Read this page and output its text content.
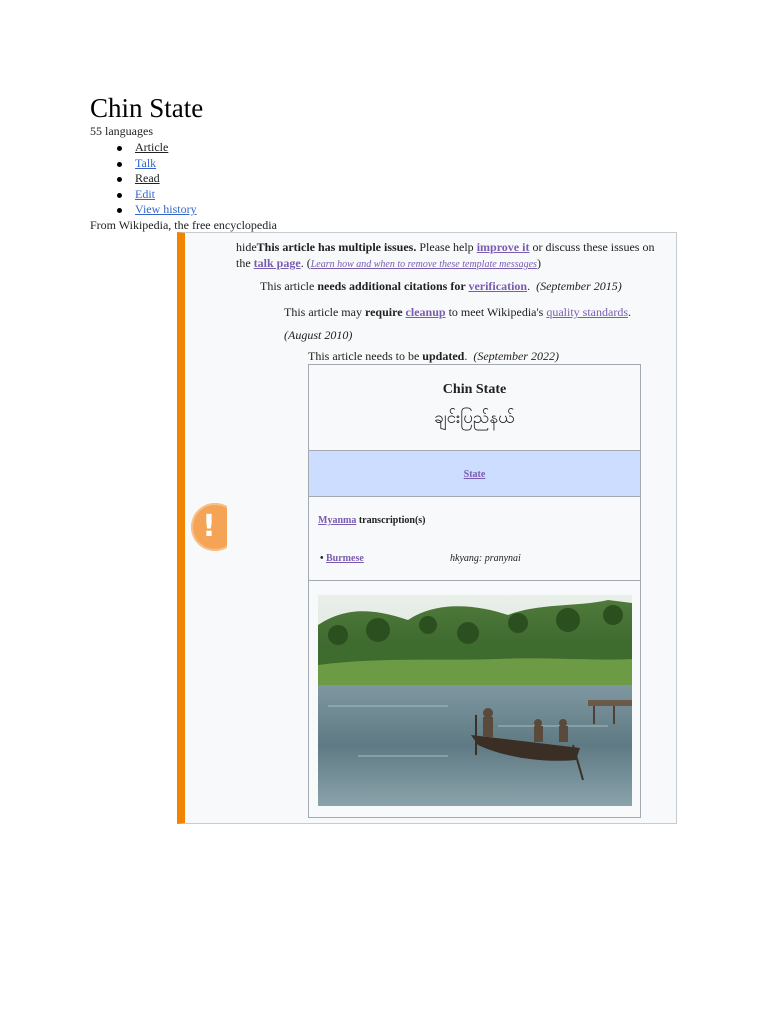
Chin State
55 languages
Article
Talk
Read
Edit
View history
From Wikipedia, the free encyclopedia
!
hideThis article has multiple issues. Please help improve it or discuss these issues on the talk page. (Learn how and when to remove these template messages)
This article needs additional citations for verification. (September 2015)
This article may require cleanup to meet Wikipedia's quality standards.  (August 2010)
This article needs to be updated. (September 2022)
Chin State
ချင်းပြည်နယ်
State
Myanma transcription(s)
• Burmese	hkyang: pranynai
